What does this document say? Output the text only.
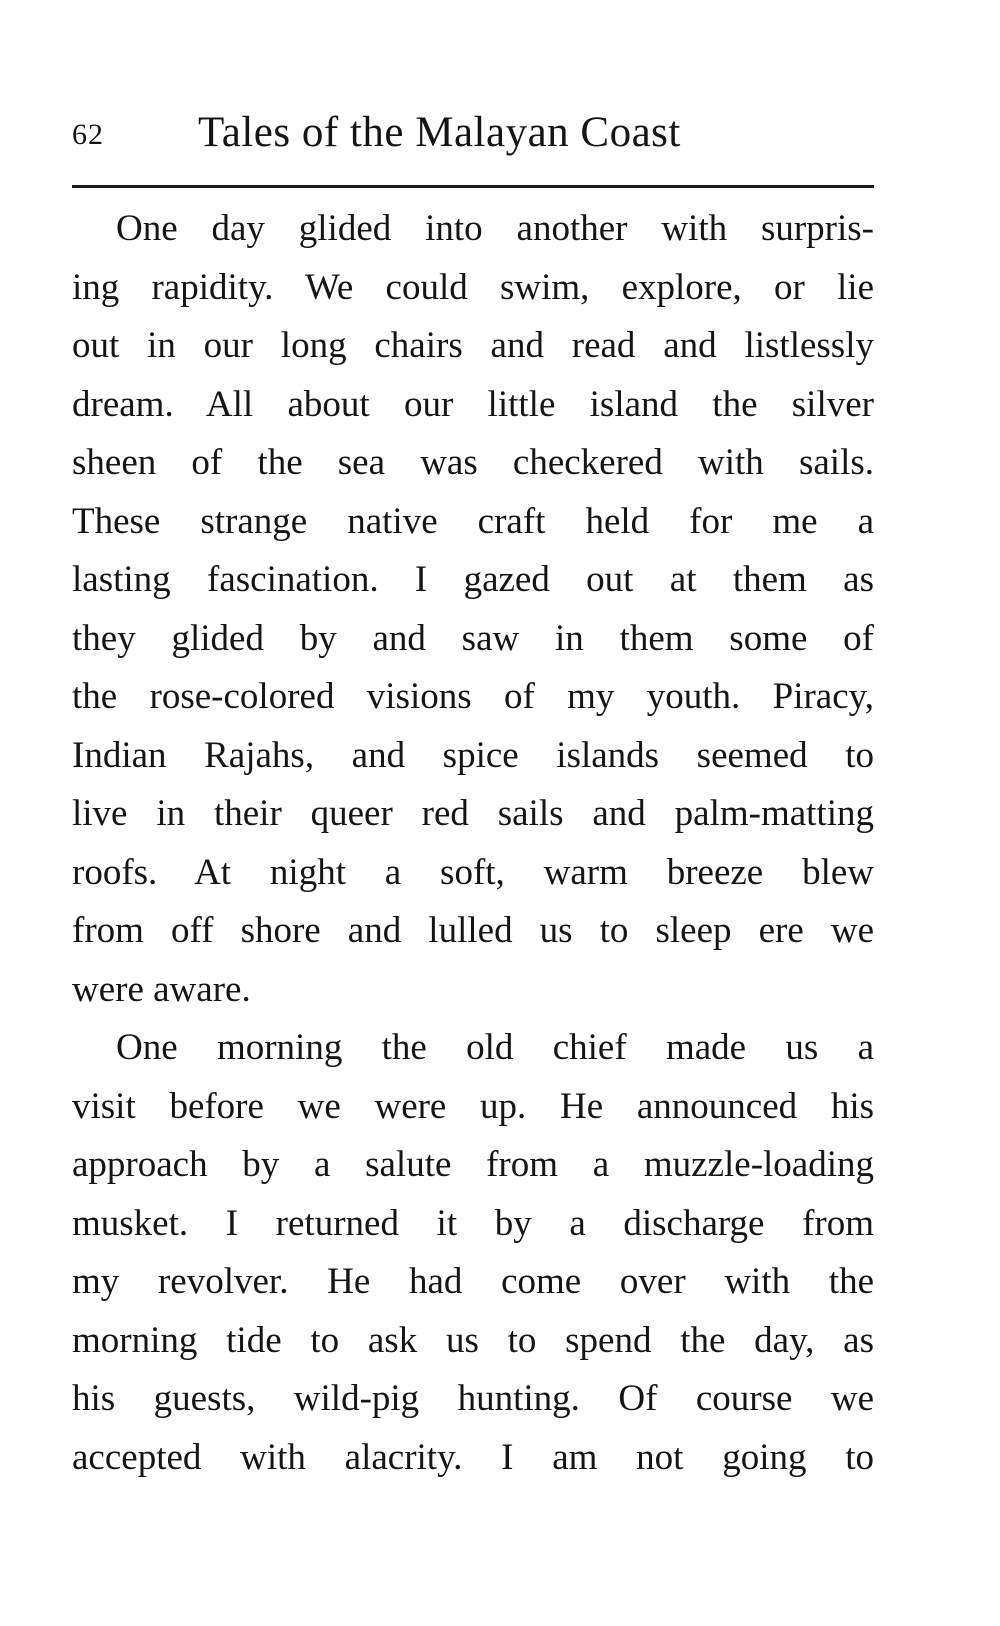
62 Tales of the Malayan Coast
One day glided into another with surpris-
ing rapidity. We could swim, explore, or lie
out in our long chairs and read and listlessly
dream. All about our little island the silver
sheen of the sea was checkered with sails.
These strange native craft held for me a
lasting fascination. I gazed out at them as
they glided by and saw in them some of
the rose-colored visions of my youth. Piracy,
Indian Rajahs, and spice islands seemed to
live in their queer red sails and palm-matting
roofs. At night a soft, warm breeze blew
from off shore and lulled us to sleep ere we
were aware.
One morning the old chief made us a
visit before we were up. He announced his
approach by a salute from a muzzle-loading
musket. I returned it by a discharge from
my revolver. He had come over with the
morning tide to ask us to spend the day, as
his guests, wild-pig hunting. Of course we
accepted with alacrity. I am not going to
